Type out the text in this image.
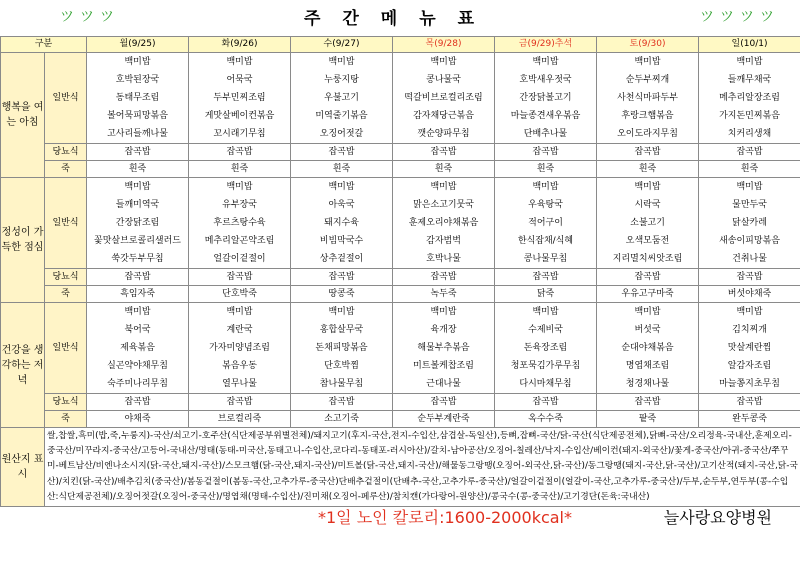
ツツツ	주간메뉴표	ツツツツ
구분		월(9/25)	화(9/26)	수(9/27)	목(9/28)	금(9/29)추석	토(9/30)	일(10/1)
행복을 여는 아침	일반식	백미밥
호박된장국
동태무조림
볼어묵피망볶음
고사리들깨나물	백미밥
어묵국
두부민찌조림
게맛살베이컨볶음
꼬시래기무침	백미밥
누룽지탕
우불고기
미역줄기볶음
오징어젓갈	백미밥
콩나물국
떡갈비브로컬리조림
감자채당근볶음
깻순양파무침	백미밥
호박새우젓국
간장닭볼고기
마늘종견새우볶음
단배추나물	백미밥
순두부찌개
사천식마파두부
후랑크햄볶음
오이도라지무침	백미밥
들깨무채국
메추리알장조림
가지돈민찌볶음
치커리생채

	당뇨식	잡곡밥	잡곡밥	잡곡밥	잡곡밥	잡곡밥	잡곡밥	잡곡밥
	죽	흰죽	흰죽	흰죽	흰죽	흰죽	흰죽	흰죽
정성이 가득한 점심	일반식	백미밥
들깨미역국
간장닭조림
꽃맛살브로콜리샐러드
쑥갓두부무침	백미밥
유부장국
후르츠탕수육
메추리알곤약조림
얼갈이겉절이	백미밥
아욱국
돼지수육
비빔막국수
상추겉절이	백미밥
맑은소고기뭇국
훈제오리야채볶음
감자범벅
호박나물	백미밥
우육탕국
적어구이
한식잡채/식혜
콩나물무침	백미밥
시락국
소불고기
오색모둠전
지리멸치씨앗조림	백미밥
물만두국
닭살카레
새송이피망볶음
건취나물

	당뇨식	잡곡밥	잡곡밥	잡곡밥	잡곡밥	잡곡밥	잡곡밥	잡곡밥
	죽	흑임자죽	단호박죽	땅콩죽	녹두죽	닭죽	우유고구마죽	버섯야채죽
건강을 생각하는 저녁	일반식	백미밥
북어국
제육볶음
실곤약야채무침
숙주미나리무침	백미밥
계란국
가자미양념조림
볶음우동
열무나물	백미밥
홍합살무국
돈채피망볶음
단호박찜
참나물무침	백미밥
육개장
해물부추볶음
미트볼케찹조림
근대나물	백미밥
수제비국
돈육장조림
청포묵김가루무침
다시마채무침	백미밥
버섯국
순대야채볶음
명엽채조림
청경채나물	백미밥
김치찌개
맛살계란찜
알감자조림
마늘쫑지초무침

	당뇨식	잡곡밥	잡곡밥	잡곡밥	잡곡밥	잡곡밥	잡곡밥	잡곡밥
	죽	야채죽	브로컬리죽	소고기죽	순두부계란죽	옥수수죽	팥죽	완두콩죽
원산지 표시	쌀,찹쌀,흑미(밥,죽,누룽지)-국산/쇠고기-호주산(식단제공부위별전체)/돼지고기(후지-국산,전지-수입산,삼겹살-독일산),등뼈,잡뼈-국산/닭-국산(식단제공전체),닭뼈-국산/오리정육-국내산,훈제오리-중국산/미꾸라지-중국산/고등어-국내산/명태(동태-미국산,동태고니-수입산,코다리-동태포-러시아산)/갈치-남아공산/오징어-칠레산/낙지-수입산/베이컨(돼지-외국산)/꽃게-중국산/아귀-중국산/쭈꾸미-베트남산/비엔나소시지(닭-국산,돼지-국산)/스모크햄(닭-국산,돼지-국산)/미트볼(닭-국산,돼지-국산)/해물동그랑땡(오징어-외국산,닭-국산)/동그랑땡(돼지-국산,닭-국산)/고기산적(돼지-국산,닭-국산)/치킨(닭-국산)/배추김치(중국산)/봄동겉절이(봄동-국산,고추가루-중국산)단배추겉절이(단배추-국산,고추가루-중국산)/얼갈이겉절이(얼갈이-국산,고추가루-중국산)/두부,순두부,연두부(콩-수입산:식단제공전체)/오징어젓갈(오징어-중국산)/명엽채(명태-수입산)/진미채(오징어-페루산)/참치캔(가다랑어-원양산)/콩국수(콩-중국산)/고기경단(돈육:국내산)							
*1일 노인 칼로리:1600-2000kcal*	늘사랑요양병원
